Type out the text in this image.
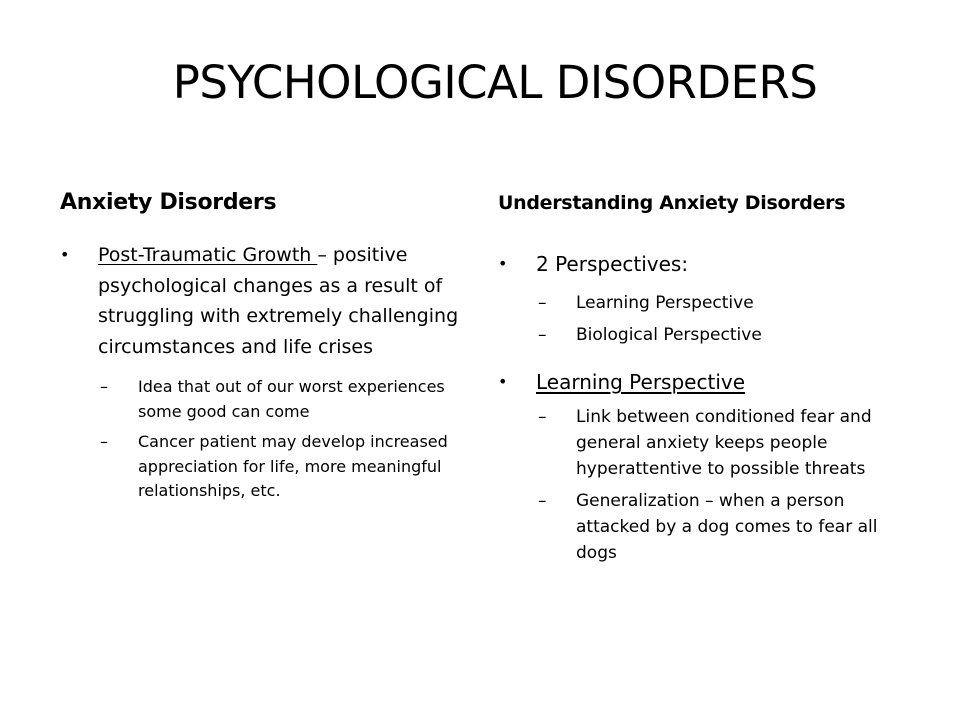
PSYCHOLOGICAL DISORDERS
Anxiety Disorders
• Post-Traumatic Growth – positive psychological changes as a result of struggling with extremely challenging circumstances and life crises
– Idea that out of our worst experiences some good can come
– Cancer patient may develop increased appreciation for life, more meaningful relationships, etc.
Understanding Anxiety Disorders
• 2 Perspectives:
– Learning Perspective
– Biological Perspective
• Learning Perspective
– Link between conditioned fear and general anxiety keeps people hyperattentive to possible threats
– Generalization – when a person attacked by a dog comes to fear all dogs
